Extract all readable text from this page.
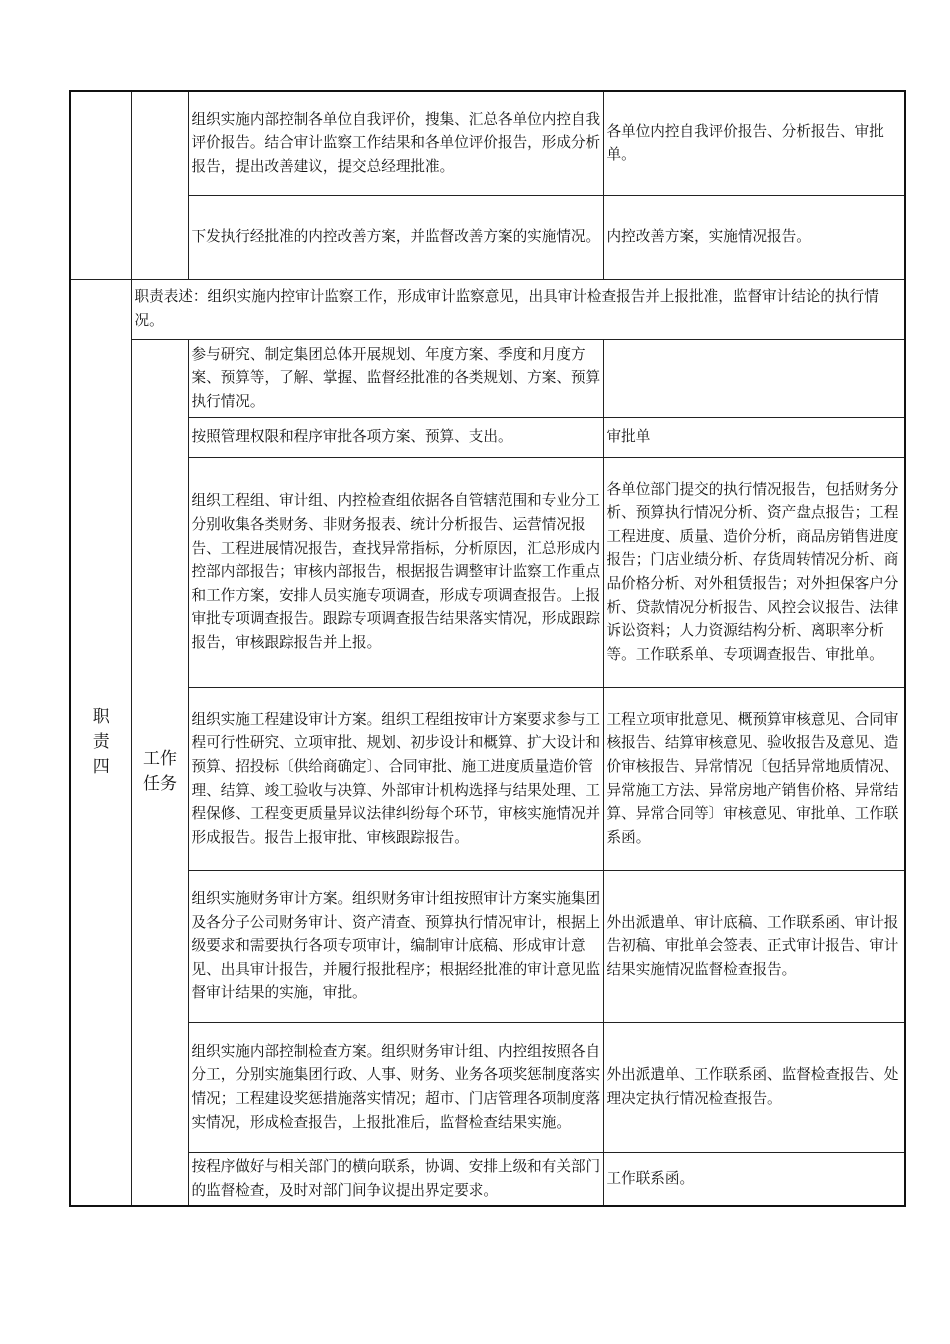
		组织实施内部控制各单位自我评价，搜集、汇总各单位内控自我评价报告。结合审计监察工作结果和各单位评价报告，形成分析报告，提出改善建议，提交总经理批准。	各单位内控自我评价报告、分析报告、审批单。
		下发执行经批准的内控改善方案，并监督改善方案的实施情况。	内控改善方案，实施情况报告。
职责四	职责表述：组织实施内控审计监察工作，形成审计监察意见，出具审计检查报告并上报批准，监督审计结论的执行情况。		
	工作任务	参与研究、制定集团总体开展规划、年度方案、季度和月度方案、预算等，了解、掌握、监督经批准的各类规划、方案、预算执行情况。	
		按照管理权限和程序审批各项方案、预算、支出。	审批单
		组织工程组、审计组、内控检查组依据各自管辖范围和专业分工分别收集各类财务、非财务报表、统计分析报告、运营情况报告、工程进展情况报告，查找异常指标，分析原因，汇总形成内控部内部报告；审核内部报告，根据报告调整审计监察工作重点和工作方案，安排人员实施专项调查，形成专项调查报告。上报审批专项调查报告。跟踪专项调查报告结果落实情况，形成跟踪报告，审核跟踪报告并上报。	各单位部门提交的执行情况报告，包括财务分析、预算执行情况分析、资产盘点报告；工程工程进度、质量、造价分析，商品房销售进度报告；门店业绩分析、存货周转情况分析、商品价格分析、对外租赁报告；对外担保客户分析、贷款情况分析报告、风控会议报告、法律诉讼资料；人力资源结构分析、离职率分析等。工作联系单、专项调查报告、审批单。
		组织实施工程建设审计方案。组织工程组按审计方案要求参与工程可行性研究、立项审批、规划、初步设计和概算、扩大设计和预算、招投标〔供给商确定〕、合同审批、施工进度质量造价管理、结算、竣工验收与决算、外部审计机构选择与结果处理、工程保修、工程变更质量异议法律纠纷每个环节，审核实施情况并形成报告。报告上报审批、审核跟踪报告。	工程立项审批意见、概预算审核意见、合同审核报告、结算审核意见、验收报告及意见、造价审核报告、异常情况〔包括异常地质情况、异常施工方法、异常房地产销售价格、异常结算、异常合同等〕审核意见、审批单、工作联系函。
		组织实施财务审计方案。组织财务审计组按照审计方案实施集团及各分子公司财务审计、资产清查、预算执行情况审计，根据上级要求和需要执行各项专项审计，编制审计底稿、形成审计意见、出具审计报告，并履行报批程序；根据经批准的审计意见监督审计结果的实施，审批。	外出派遣单、审计底稿、工作联系函、审计报告初稿、审批单会签表、正式审计报告、审计结果实施情况监督检查报告。
		组织实施内部控制检查方案。组织财务审计组、内控组按照各自分工，分别实施集团行政、人事、财务、业务各项奖惩制度落实情况；工程建设奖惩措施落实情况；超市、门店管理各项制度落实情况，形成检查报告，上报批准后，监督检查结果实施。	外出派遣单、工作联系函、监督检查报告、处理决定执行情况检查报告。
		按程序做好与相关部门的横向联系，协调、安排上级和有关部门的监督检查，及时对部门间争议提出界定要求。	工作联系函。
